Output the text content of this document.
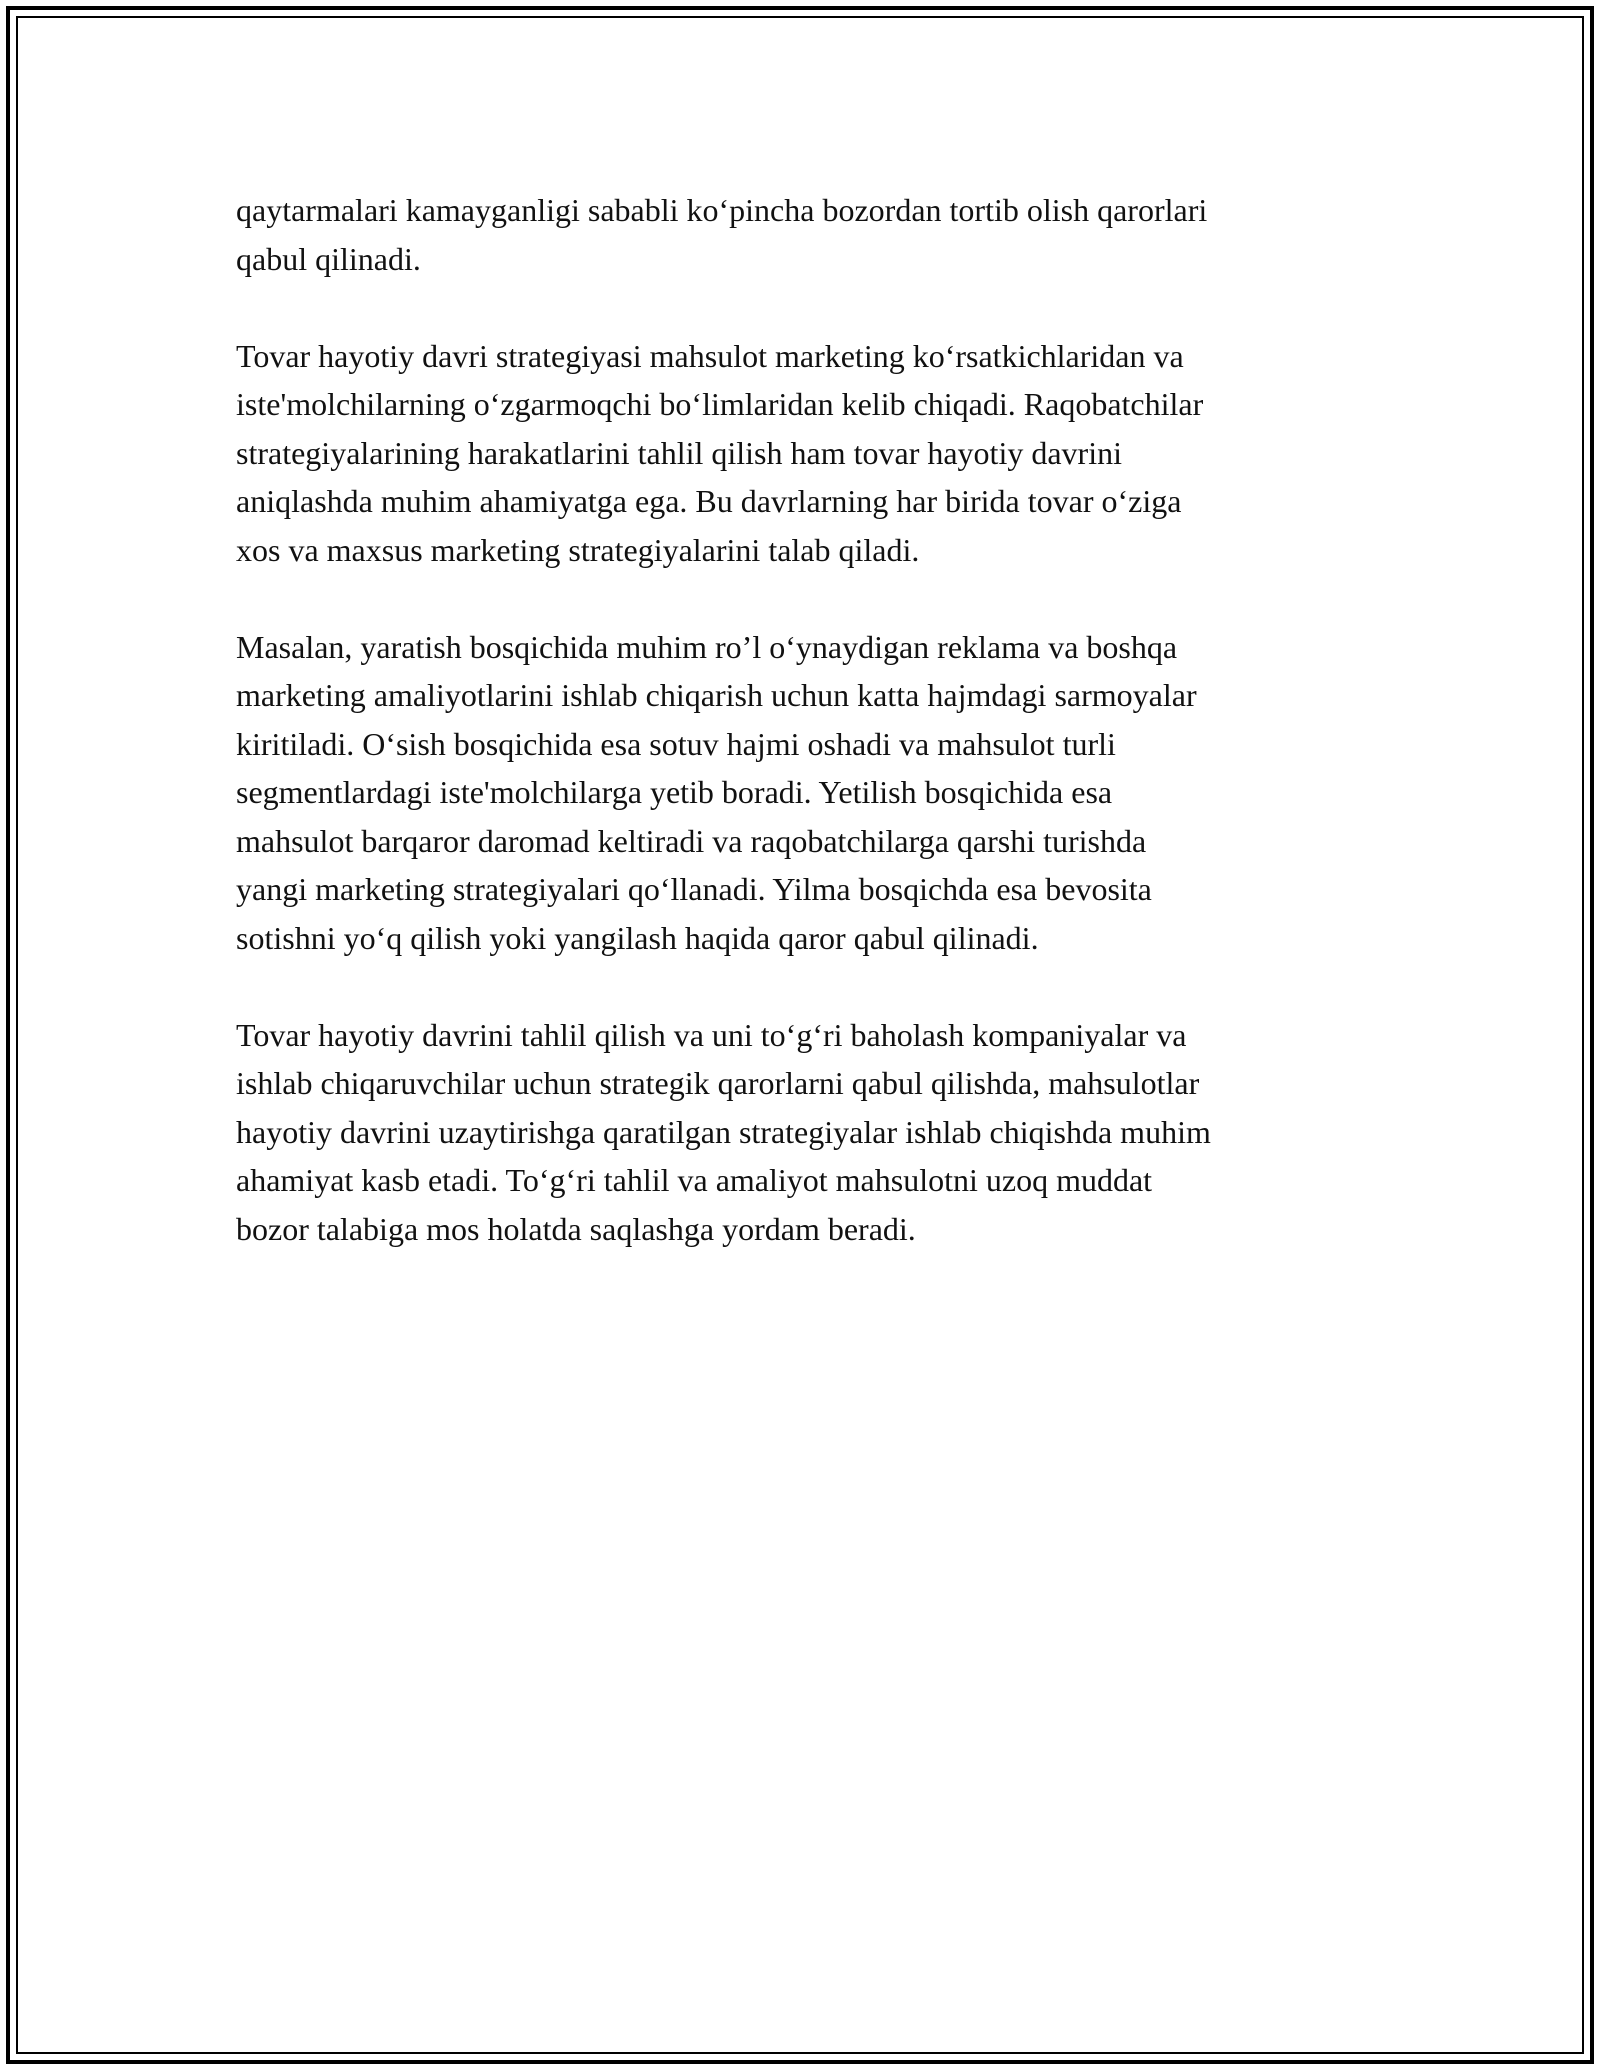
qaytarmalari kamayganligi sababli ko‘pincha bozordan tortib olish qarorlari
qabul qilinadi.

Tovar hayotiy davri strategiyasi mahsulot marketing ko‘rsatkichlaridan va
iste'molchilarning o‘zgarmoqchi bo‘limlaridan kelib chiqadi. Raqobatchilar
strategiyalarining harakatlarini tahlil qilish ham tovar hayotiy davrini
aniqlashda muhim ahamiyatga ega. Bu davrlarning har birida tovar o‘ziga
xos va maxsus marketing strategiyalarini talab qiladi.

Masalan, yaratish bosqichida muhim ro’l o‘ynaydigan reklama va boshqa
marketing amaliyotlarini ishlab chiqarish uchun katta hajmdagi sarmoyalar
kiritiladi. O‘sish bosqichida esa sotuv hajmi oshadi va mahsulot turli
segmentlardagi iste'molchilarga yetib boradi. Yetilish bosqichida esa
mahsulot barqaror daromad keltiradi va raqobatchilarga qarshi turishda
yangi marketing strategiyalari qo‘llanadi. Yilma bosqichda esa bevosita
sotishni yo‘q qilish yoki yangilash haqida qaror qabul qilinadi.

Tovar hayotiy davrini tahlil qilish va uni to‘g‘ri baholash kompaniyalar va
ishlab chiqaruvchilar uchun strategik qarorlarni qabul qilishda, mahsulotlar
hayotiy davrini uzaytirishga qaratilgan strategiyalar ishlab chiqishda muhim
ahamiyat kasb etadi. To‘g‘ri tahlil va amaliyot mahsulotni uzoq muddat
bozor talabiga mos holatda saqlashga yordam beradi.
